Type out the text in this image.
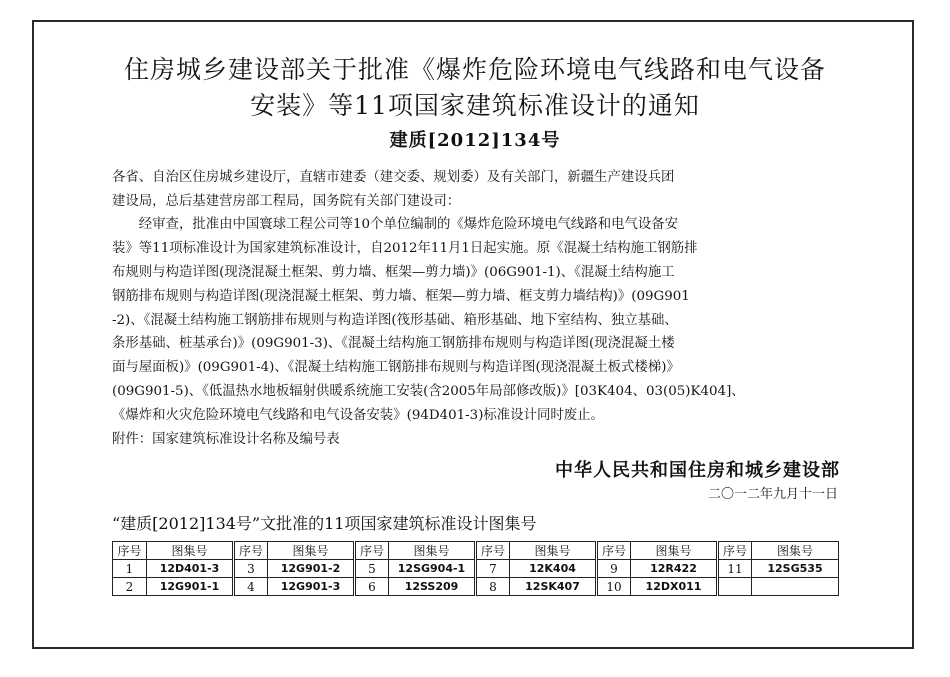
住房城乡建设部关于批准《爆炸危险环境电气线路和电气设备
安装》等11项国家建筑标准设计的通知
建质[2012]134号
各省、自治区住房城乡建设厅，直辖市建委（建交委、规划委）及有关部门，新疆生产建设兵团
建设局，总后基建营房部工程局，国务院有关部门建设司：
　　经审查，批准由中国寰球工程公司等10个单位编制的《爆炸危险环境电气线路和电气设备安
装》等11项标准设计为国家建筑标准设计，自2012年11月1日起实施。原《混凝土结构施工钢筋排
布规则与构造详图(现浇混凝土框架、剪力墙、框架—剪力墙)》(06G901-1)、《混凝土结构施工
钢筋排布规则与构造详图(现浇混凝土框架、剪力墙、框架—剪力墙、框支剪力墙结构)》(09G901
-2)、《混凝土结构施工钢筋排布规则与构造详图(筏形基础、箱形基础、地下室结构、独立基础、
条形基础、桩基承台)》(09G901-3)、《混凝土结构施工钢筋排布规则与构造详图(现浇混凝土楼
面与屋面板)》(09G901-4)、《混凝土结构施工钢筋排布规则与构造详图(现浇混凝土板式楼梯)》
(09G901-5)、《低温热水地板辐射供暖系统施工安装(含2005年局部修改版)》[03K404、03(05)K404]、
《爆炸和火灾危险环境电气线路和电气设备安装》(94D401-3)标准设计同时废止。
附件：国家建筑标准设计名称及编号表
中华人民共和国住房和城乡建设部
二〇一二年九月十一日
“建质[2012]134号”文批准的11项国家建筑标准设计图集号
序号	图集号	序号	图集号	序号	图集号	序号	图集号	序号	图集号	序号	图集号
1	12D401-3	3	12G901-2	5	12SG904-1	7	12K404	9	12R422	11	12SG535
2	12G901-1	4	12G901-3	6	12SS209	8	12SK407	10	12DX011		
